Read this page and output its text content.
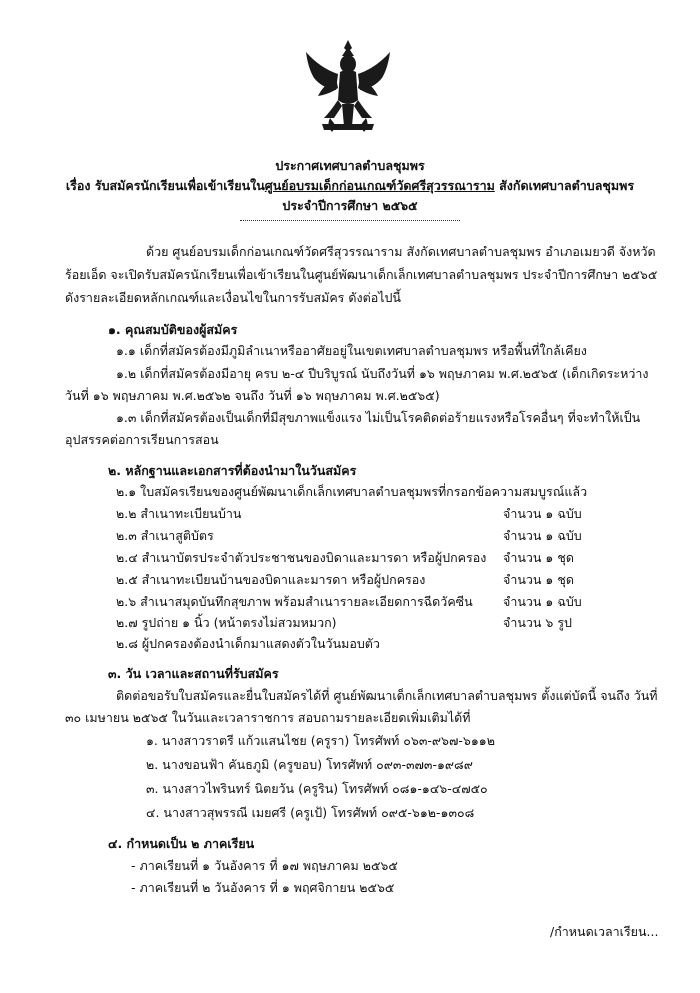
ประกาศเทศบาลตำบลชุมพร
เรื่อง รับสมัครนักเรียนเพื่อเข้าเรียนในศูนย์อบรมเด็กก่อนเกณฑ์วัดศรีสุวรรณาราม สังกัดเทศบาลตำบลชุมพร
ประจำปีการศึกษา ๒๕๖๕
ด้วย ศูนย์อบรมเด็กก่อนเกณฑ์วัดศรีสุวรรณาราม สังกัดเทศบาลตำบลชุมพร อำเภอเมยวดี จังหวัด
ร้อยเอ็ด จะเปิดรับสมัครนักเรียนเพื่อเข้าเรียนในศูนย์พัฒนาเด็กเล็กเทศบาลตำบลชุมพร ประจำปีการศึกษา ๒๕๖๕
ดังรายละเอียดหลักเกณฑ์และเงื่อนไขในการรับสมัคร ดังต่อไปนี้
๑. คุณสมบัติของผู้สมัคร
๑.๑ เด็กที่สมัครต้องมีภูมิลำเนาหรืออาศัยอยู่ในเขตเทศบาลตำบลชุมพร หรือพื้นที่ใกล้เคียง
๑.๒ เด็กที่สมัครต้องมีอายุ ครบ ๒-๔ ปีบริบูรณ์ นับถึงวันที่ ๑๖ พฤษภาคม พ.ศ.๒๕๖๕ (เด็กเกิดระหว่าง
วันที่ ๑๖ พฤษภาคม พ.ศ.๒๕๖๒ จนถึง วันที่ ๑๖ พฤษภาคม พ.ศ.๒๕๖๕)
๑.๓ เด็กที่สมัครต้องเป็นเด็กที่มีสุขภาพแข็งแรง ไม่เป็นโรคติดต่อร้ายแรงหรือโรคอื่นๆ ที่จะทำให้เป็น
อุปสรรคต่อการเรียนการสอน
๒. หลักฐานและเอกสารที่ต้องนำมาในวันสมัคร
๒.๑ ใบสมัครเรียนของศูนย์พัฒนาเด็กเล็กเทศบาลตำบลชุมพรที่กรอกข้อความสมบูรณ์แล้ว
๒.๒ สำเนาทะเบียนบ้าน	จำนวน ๑ ฉบับ
๒.๓ สำเนาสูติบัตร	จำนวน ๑ ฉบับ
๒.๔ สำเนาบัตรประจำตัวประชาชนของบิดาและมารดา หรือผู้ปกครอง จำนวน ๑ ชุด
๒.๕ สำเนาทะเบียนบ้านของบิดาและมารดา หรือผู้ปกครอง	จำนวน ๑ ชุด
๒.๖ สำเนาสมุดบันทึกสุขภาพ พร้อมสำเนารายละเอียดการฉีดวัคซีน จำนวน ๑ ฉบับ
๒.๗ รูปถ่าย ๑ นิ้ว (หน้าตรงไม่สวมหมวก)	จำนวน ๖ รูป
๒.๘ ผู้ปกครองต้องนำเด็กมาแสดงตัวในวันมอบตัว
๓. วัน เวลาและสถานที่รับสมัคร
ติดต่อขอรับใบสมัครและยื่นใบสมัครได้ที่ ศูนย์พัฒนาเด็กเล็กเทศบาลตำบลชุมพร ตั้งแต่บัดนี้ จนถึง วันที่
๓๐ เมษายน ๒๕๖๕ ในวันและเวลาราชการ สอบถามรายละเอียดเพิ่มเติมได้ที่
๑. นางสาวราตรี แก้วแสนไชย (ครูรา) โทรศัพท์ ๐๖๓-๙๖๗-๖๑๑๒
๒. นางขอนฟ้า คันธภูมิ (ครูขอบ) โทรศัพท์ ๐๙๓-๓๗๓-๑๙๘๙
๓. นางสาวไพรินทร์ นิตยวัน (ครูริน) โทรศัพท์ ๐๘๑-๑๔๖-๔๗๕๐
๔. นางสาวสุพรรณี เมยศรี (ครูเป้) โทรศัพท์ ๐๙๕-๖๑๒-๑๓๐๘
๔. กำหนดเป็น ๒ ภาคเรียน
- ภาคเรียนที่ ๑ วันอังคาร ที่ ๑๗ พฤษภาคม ๒๕๖๕
- ภาคเรียนที่ ๒ วันอังคาร ที่ ๑ พฤศจิกายน ๒๕๖๕
/กำหนดเวลาเรียน...
